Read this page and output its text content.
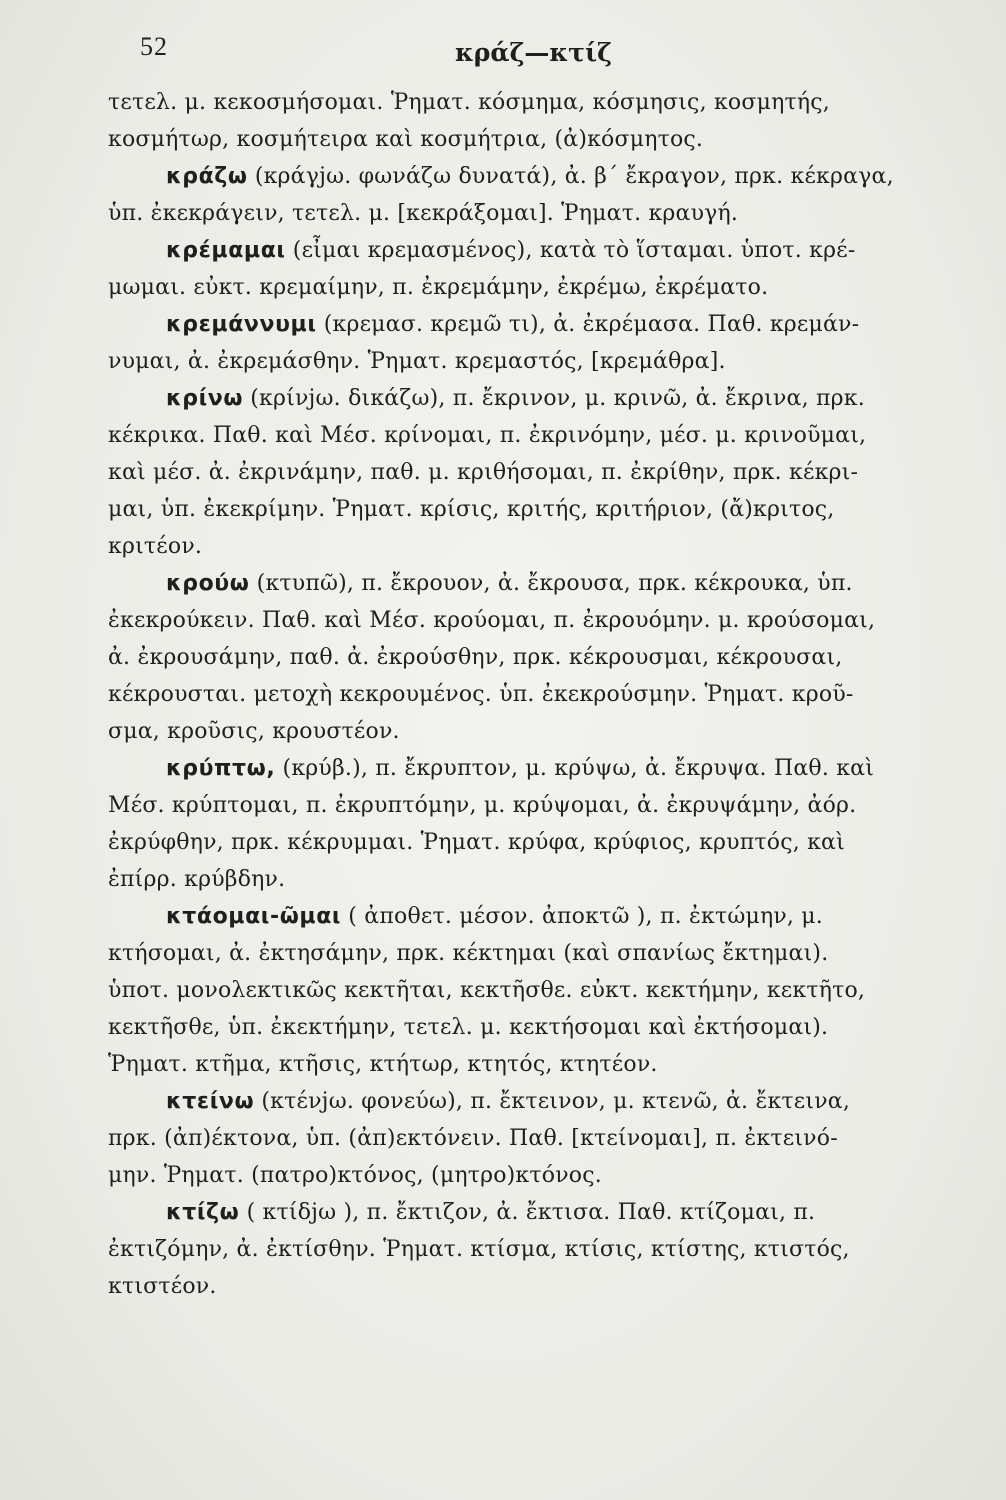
52	κράζ—κτίζ
τετελ. μ. κεκοσμήσομαι. Ῥηματ. κόσμημα, κόσμησις, κοσμητής,
κοσμήτωρ, κοσμήτειρα καὶ κοσμήτρια, (ἀ)κόσμητος.
κράζω (κράγjω. φωνάζω δυνατά), ἀ. β΄ ἔκραγον, πρκ. κέκραγα,
ὑπ. ἐκεκράγειν, τετελ. μ. [κεκράξομαι]. Ῥηματ. κραυγή.
κρέμαμαι (εἶμαι κρεμασμένος), κατὰ τὸ ἵσταμαι. ὑποτ. κρέ-
μωμαι. εὐκτ. κρεμαίμην, π. ἐκρεμάμην, ἐκρέμω, ἐκρέματο.
κρεμάννυμι (κρεμασ. κρεμῶ τι), ἀ. ἐκρέμασα. Παθ. κρεμάν-
νυμαι, ἀ. ἐκρεμάσθην. Ῥηματ. κρεμαστός, [κρεμάθρα].
κρίνω (κρίνjω. δικάζω), π. ἔκρινον, μ. κρινῶ, ἀ. ἔκρινα, πρκ.
κέκρικα. Παθ. καὶ Μέσ. κρίνομαι, π. ἐκρινόμην, μέσ. μ. κρινοῦμαι,
καὶ μέσ. ἀ. ἐκρινάμην, παθ. μ. κριθήσομαι, π. ἐκρίθην, πρκ. κέκρι-
μαι, ὑπ. ἐκεκρίμην. Ῥηματ. κρίσις, κριτής, κριτήριον, (ἄ)κριτος,
κριτέον.
κρούω (κτυπῶ), π. ἔκρουον, ἀ. ἔκρουσα, πρκ. κέκρουκα, ὑπ.
ἐκεκρούκειν. Παθ. καὶ Μέσ. κρούομαι, π. ἐκρουόμην. μ. κρούσομαι,
ἀ. ἐκρουσάμην, παθ. ἀ. ἐκρούσθην, πρκ. κέκρουσμαι, κέκρουσαι,
κέκρουσται. μετοχὴ κεκρουμένος. ὑπ. ἐκεκρούσμην. Ῥηματ. κροῦ-
σμα, κροῦσις, κρουστέον.
κρύπτω, (κρύβ.), π. ἔκρυπτον, μ. κρύψω, ἀ. ἔκρυψα. Παθ. καὶ
Μέσ. κρύπτομαι, π. ἐκρυπτόμην, μ. κρύψομαι, ἀ. ἐκρυψάμην, ἀόρ.
ἐκρύφθην, πρκ. κέκρυμμαι. Ῥηματ. κρύφα, κρύφιος, κρυπτός, καὶ
ἐπίρρ. κρύβδην.
κτάομαι-ῶμαι ( ἀποθετ. μέσον. ἀποκτῶ ), π. ἐκτώμην, μ.
κτήσομαι, ἀ. ἐκτησάμην, πρκ. κέκτημαι (καὶ σπανίως ἔκτημαι).
ὑποτ. μονολεκτικῶς κεκτῆται, κεκτῆσθε. εὐκτ. κεκτήμην, κεκτῆτο,
κεκτῆσθε, ὑπ. ἐκεκτήμην, τετελ. μ. κεκτήσομαι καὶ ἐκτήσομαι).
Ῥηματ. κτῆμα, κτῆσις, κτήτωρ, κτητός, κτητέον.
κτείνω (κτένjω. φονεύω), π. ἔκτεινον, μ. κτενῶ, ἀ. ἔκτεινα,
πρκ. (ἀπ)έκτονα, ὑπ. (ἀπ)εκτόνειν. Παθ. [κτείνομαι], π. ἐκτεινό-
μην. Ῥηματ. (πατρο)κτόνος, (μητρο)κτόνος.
κτίζω ( κτίδjω ), π. ἔκτιζον, ἀ. ἔκτισα. Παθ. κτίζομαι, π.
ἐκτιζόμην, ἀ. ἐκτίσθην. Ῥηματ. κτίσμα, κτίσις, κτίστης, κτιστός,
κτιστέον.
